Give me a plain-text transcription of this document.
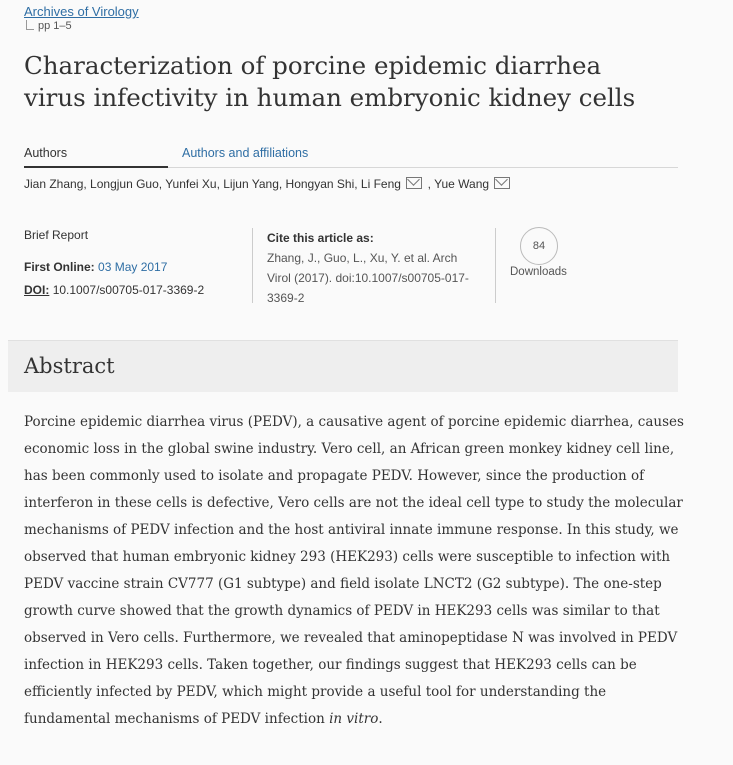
Archives of Virology
pp 1–5
Characterization of porcine epidemic diarrhea virus infectivity in human embryonic kidney cells
Authors	Authors and affiliations
Jian Zhang, Longjun Guo, Yunfei Xu, Lijun Yang, Hongyan Shi, Li Feng , Yue Wang
Brief Report
First Online: 03 May 2017
DOI: 10.1007/s00705-017-3369-2
Cite this article as:
Zhang, J., Guo, L., Xu, Y. et al. Arch Virol (2017). doi:10.1007/s00705-017-3369-2
84
Downloads
Abstract

Porcine epidemic diarrhea virus (PEDV), a causative agent of porcine epidemic diarrhea, causes economic loss in the global swine industry. Vero cell, an African green monkey kidney cell line, has been commonly used to isolate and propagate PEDV. However, since the production of interferon in these cells is defective, Vero cells are not the ideal cell type to study the molecular mechanisms of PEDV infection and the host antiviral innate immune response. In this study, we observed that human embryonic kidney 293 (HEK293) cells were susceptible to infection with PEDV vaccine strain CV777 (G1 subtype) and field isolate LNCT2 (G2 subtype). The one-step growth curve showed that the growth dynamics of PEDV in HEK293 cells was similar to that observed in Vero cells. Furthermore, we revealed that aminopeptidase N was involved in PEDV infection in HEK293 cells. Taken together, our findings suggest that HEK293 cells can be efficiently infected by PEDV, which might provide a useful tool for understanding the fundamental mechanisms of PEDV infection in vitro.
